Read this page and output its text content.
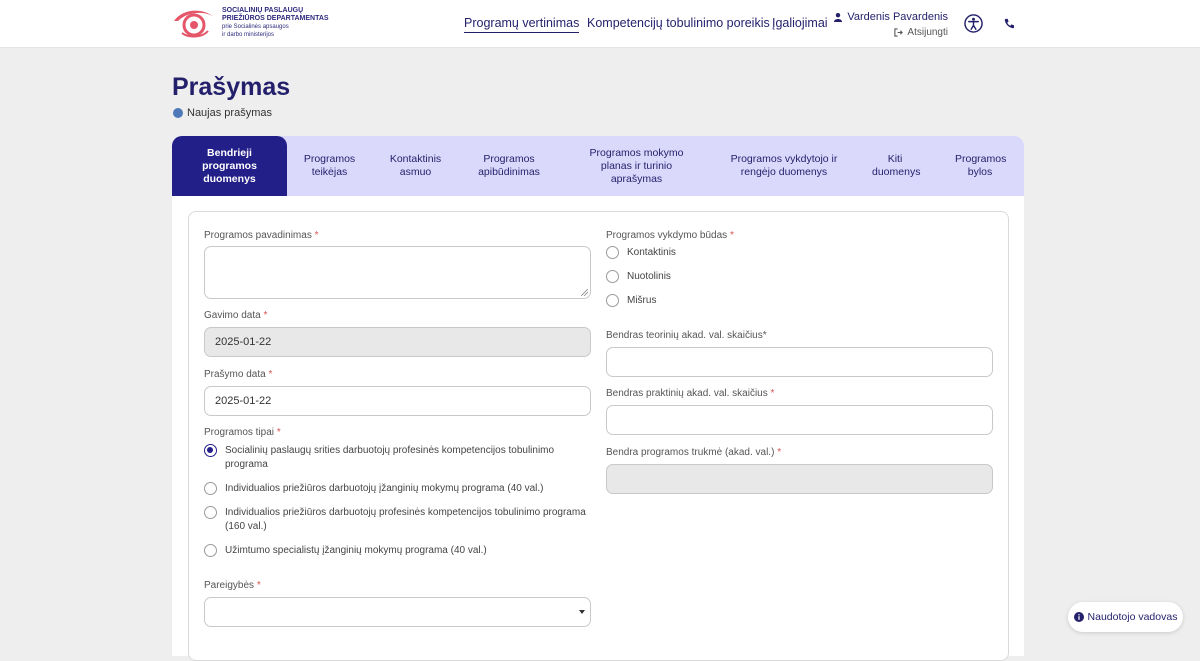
SOCIALINIŲ PASLAUGŲ
PRIEŽIŪROS DEPARTAMENTAS
prie Socialinės apsaugos
ir darbo ministerijos
Programų vertinimas Kompetencijų tobulinimo poreikis Įgaliojimai Vardenis Pavardenis
Atsijungti
Prašymas
Naujas prašymas
Bendrieji programos duomenys
Programos teikėjas
Kontaktinis asmuo
Programos apibūdinimas
Programos mokymo planas ir turinio aprašymas
Programos vykdytojo ir rengėjo duomenys
Kiti duomenys
Programos bylos
Programos pavadinimas *
Gavimo data *
2025-01-22
Prašymo data *
2025-01-22
Programos tipai *
Socialinių paslaugų srities darbuotojų profesinės kompetencijos tobulinimo
programa
Individualios priežiūros darbuotojų įžanginių mokymų programa (40 val.)
Individualios priežiūros darbuotojų profesinės kompetencijos tobulinimo programa
(160 val.)
Užimtumo specialistų įžanginių mokymų programa (40 val.)
Pareigybės *
Programos vykdymo būdas *
Kontaktinis
Nuotolinis
Mišrus
Bendras teorinių akad. val. skaičius*
Bendras praktinių akad. val. skaičius *
Bendra programos trukmė (akad. val.) *
Naudotojo vadovas
